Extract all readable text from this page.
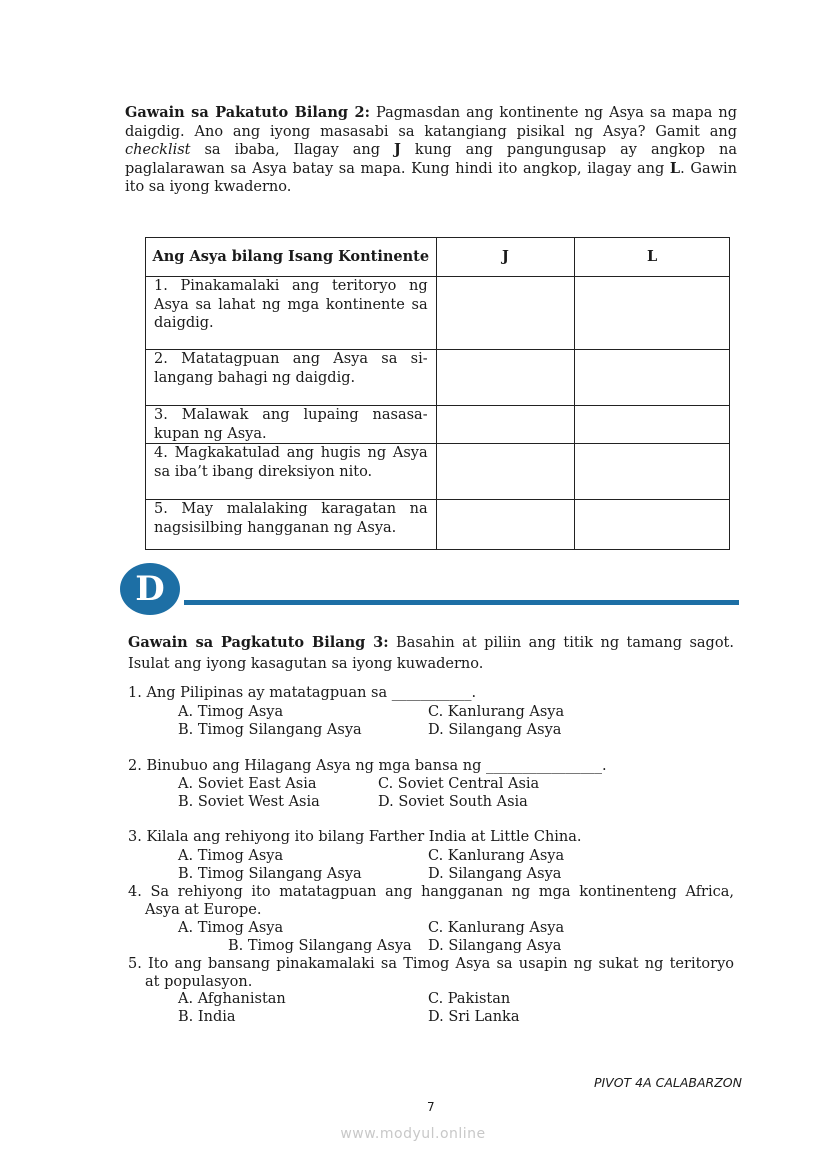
Gawain sa Pakatuto Bilang 2: Pagmasdan ang kontinente ng Asya sa mapa ng daigdig. Ano ang iyong masasabi sa katangiang pisikal ng Asya? Gamit ang checklist sa ibaba, Ilagay ang J kung ang pangungusap ay angkop na paglalarawan sa Asya batay sa mapa. Kung hindi ito angkop, ilagay ang L. Gawin ito sa iyong kwaderno.
Ang Asya bilang Isang Kontinente	J	L
1. Pinakamalaki ang teritoryo ng Asya sa lahat ng mga kontinente sa daigdig.		
2. Matatagpuan ang Asya sa si-langang bahagi ng daigdig.		
3. Malawak ang lupaing nasasa-kupan ng Asya.		
4. Magkakatulad ang hugis ng Asya sa iba’t ibang direksiyon nito.		
5. May malalaking karagatan na nagsisilbing hangganan ng Asya.		
D
Gawain sa Pagkatuto Bilang 3: Basahin at piliin ang titik ng tamang sagot. Isulat ang iyong kasagutan sa iyong kuwaderno.
1. Ang Pilipinas ay matatagpuan sa ___________.
A. Timog Asya	C. Kanlurang Asya
B. Timog Silangang Asya	D. Silangang Asya
2. Binubuo ang Hilagang Asya ng mga bansa ng ________________.
A. Soviet East Asia	C. Soviet Central Asia
B. Soviet West Asia	D. Soviet South Asia
3. Kilala ang rehiyong ito bilang Farther India at Little China.
A. Timog Asya	C. Kanlurang Asya
B. Timog Silangang Asya	D. Silangang Asya
4. Sa rehiyong ito matatagpuan ang hangganan ng mga kontinenteng Africa,
Asya at Europe.
A. Timog Asya	C. Kanlurang Asya
B. Timog Silangang Asya D. Silangang Asya
5. Ito ang bansang pinakamalaki sa Timog Asya sa usapin ng sukat ng teritoryo
at populasyon.
A. Afghanistan	C. Pakistan
B. India	D. Sri Lanka
PIVOT 4A CALABARZON
7
www.modyul.online
